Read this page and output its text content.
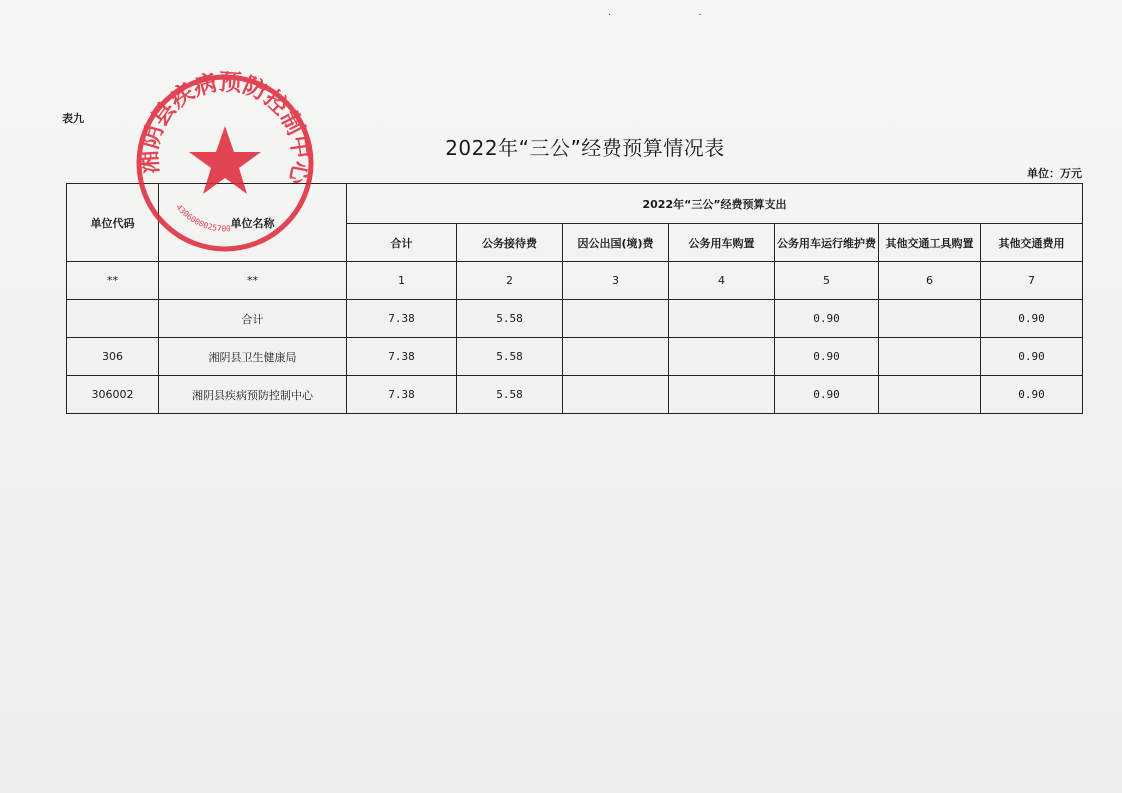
· ·
表九
2022年“三公”经费预算情况表
单位：万元
单位代码	单位名称	2022年“三公”经费预算支出						
		合计	公务接待费	因公出国(境)费	公务用车购置	公务用车运行维护费	其他交通工具购置	其他交通费用
**	**	1	2	3	4	5	6	7
	合计	7.38	5.58			0.90		0.90
306	湘阴县卫生健康局	7.38	5.58			0.90		0.90
306002	湘阴县疾病预防控制中心	7.38	5.58			0.90		0.90
湘阴县疾病预防控制中心
4306000025700
